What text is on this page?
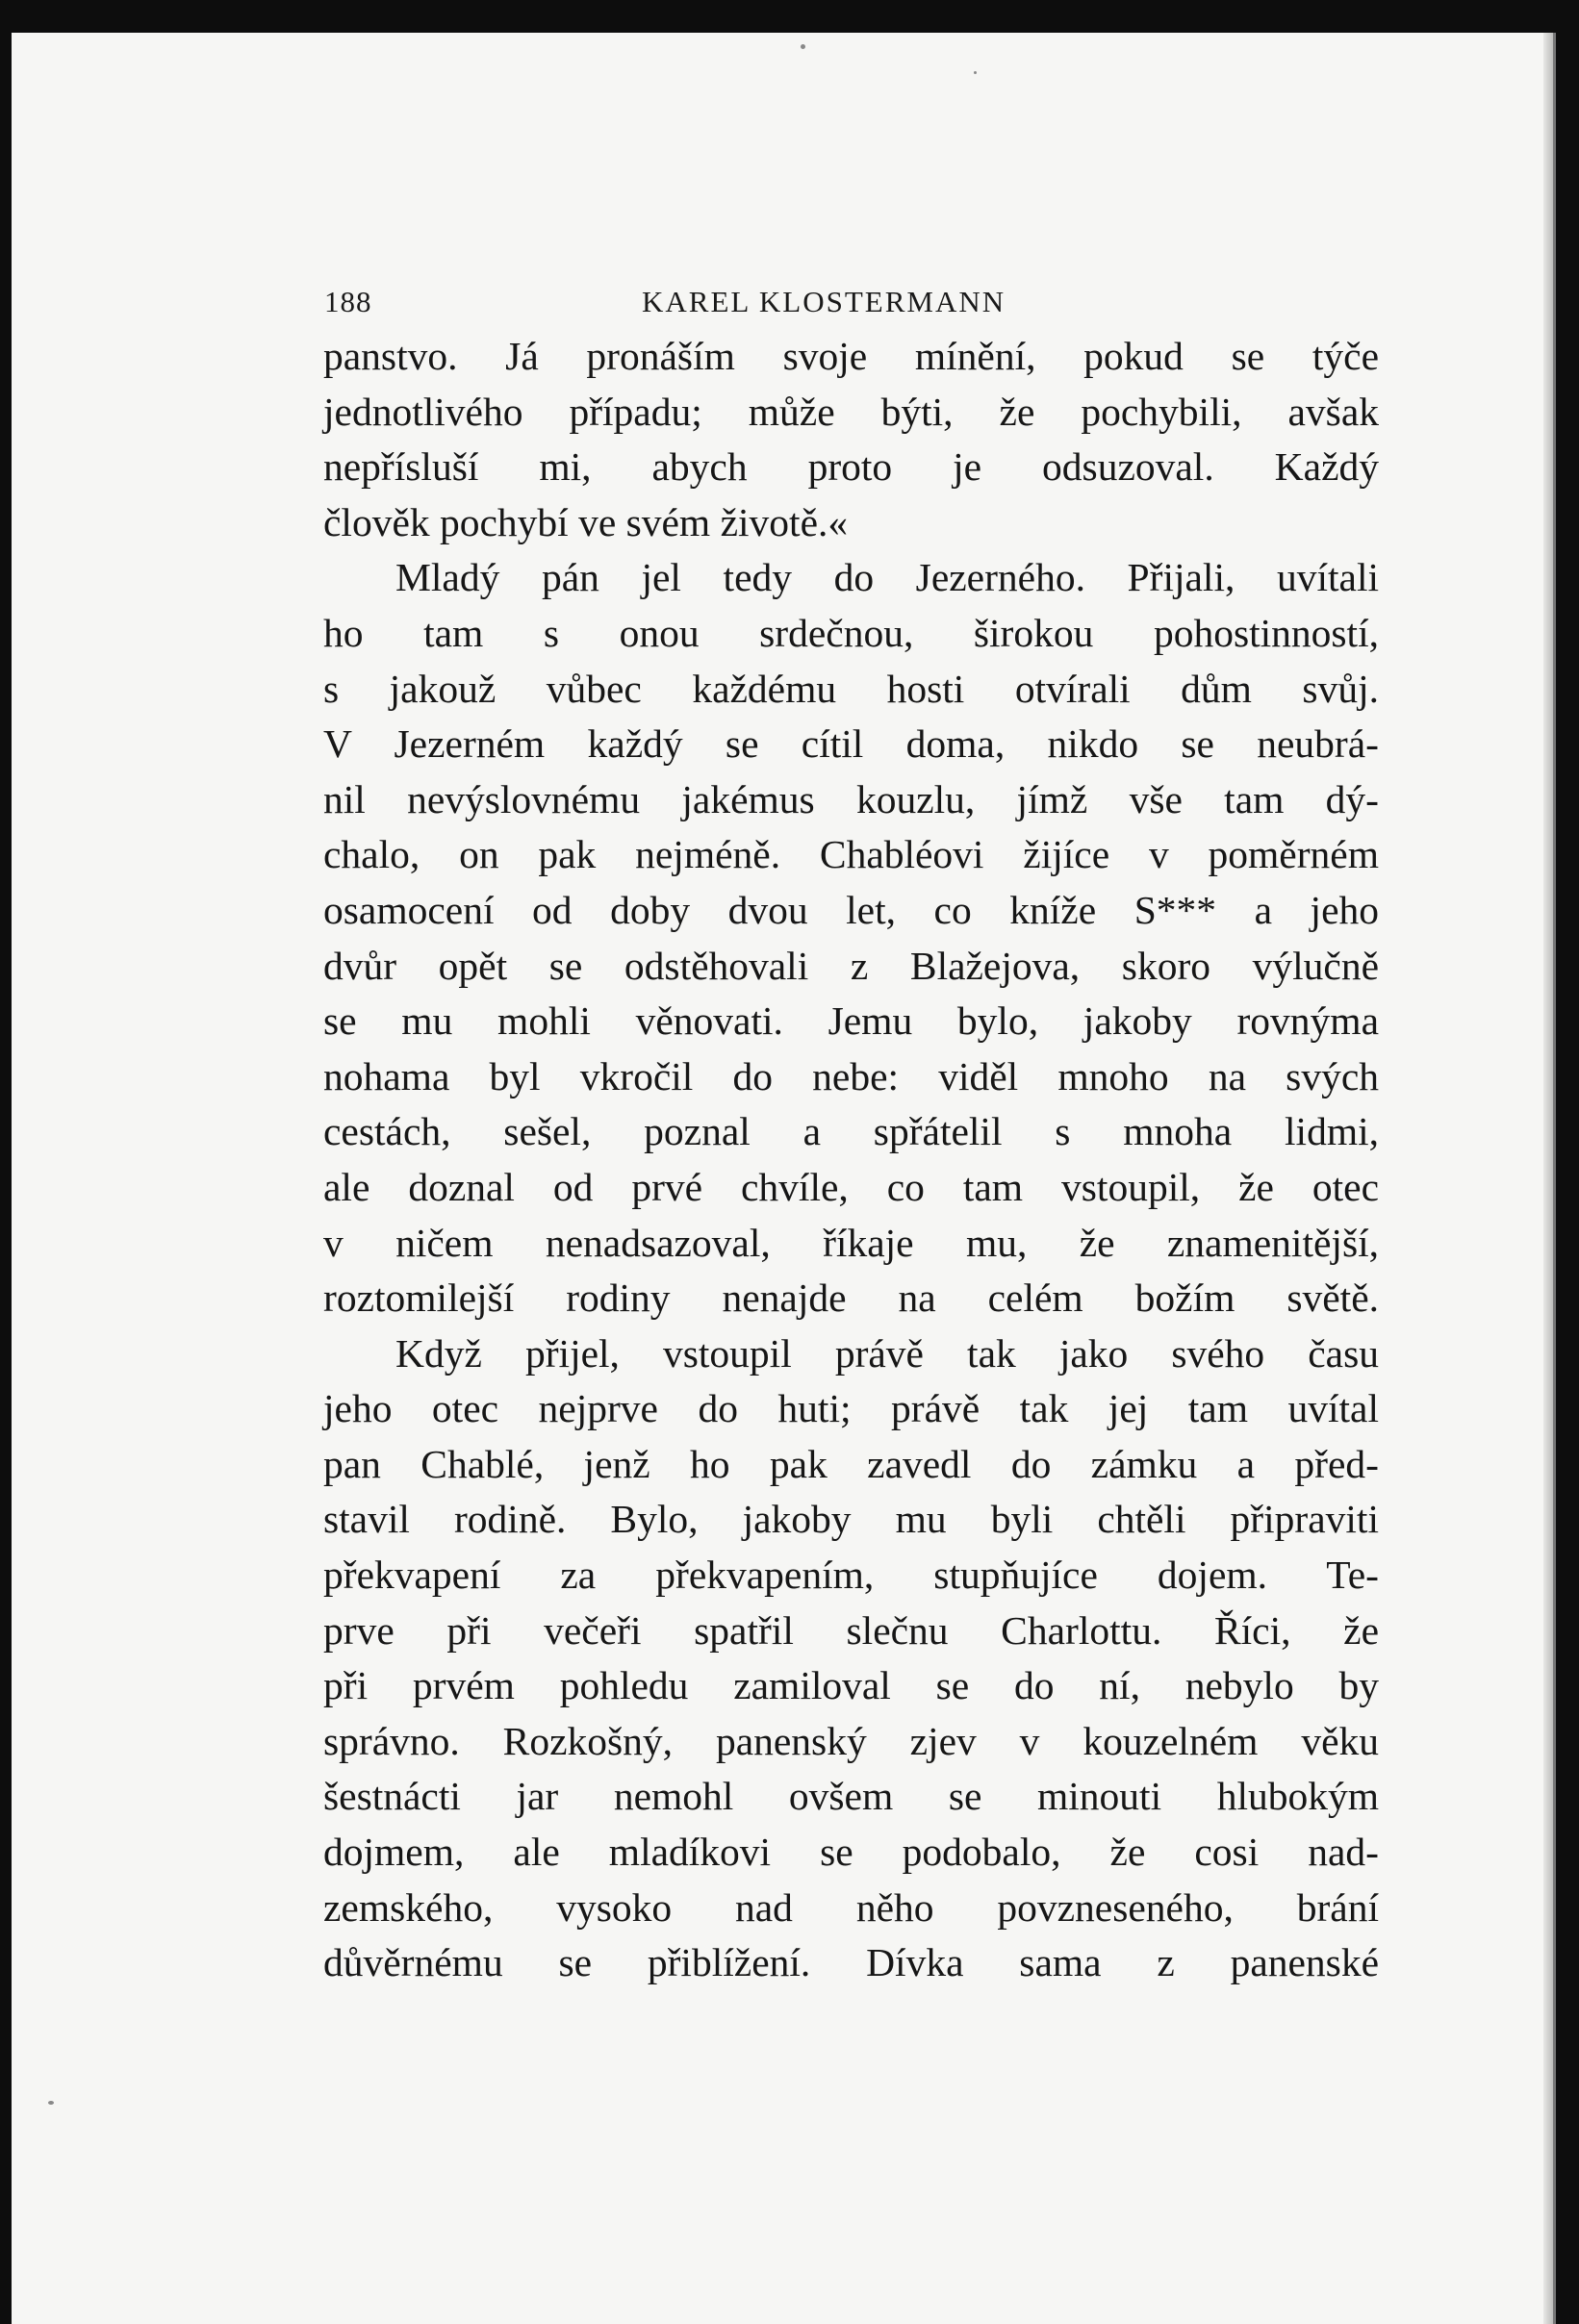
188	KAREL KLOSTERMANN
panstvo. Já pronáším svoje mínění, pokud se týče
jednotlivého případu; může býti, že pochybili, avšak
nepřísluší mi, abych proto je odsuzoval. Každý
člověk pochybí ve svém životě.«
Mladý pán jel tedy do Jezerného. Přijali, uvítali
ho tam s onou srdečnou, širokou pohostinností,
s jakouž vůbec každému hosti otvírali dům svůj.
V Jezerném každý se cítil doma, nikdo se neubrá-
nil nevýslovnému jakémus kouzlu, jímž vše tam dý-
chalo, on pak nejméně. Chabléovi žijíce v poměrném
osamocení od doby dvou let, co kníže S*** a jeho
dvůr opět se odstěhovali z Blažejova, skoro výlučně
se mu mohli věnovati. Jemu bylo, jakoby rovnýma
nohama byl vkročil do nebe: viděl mnoho na svých
cestách, sešel, poznal a spřátelil s mnoha lidmi,
ale doznal od prvé chvíle, co tam vstoupil, že otec
v ničem nenadsazoval, říkaje mu, že znamenitější,
roztomilejší rodiny nenajde na celém božím světě.
Když přijel, vstoupil právě tak jako svého času
jeho otec nejprve do huti; právě tak jej tam uvítal
pan Chablé, jenž ho pak zavedl do zámku a před-
stavil rodině. Bylo, jakoby mu byli chtěli připraviti
překvapení za překvapením, stupňujíce dojem. Te-
prve při večeři spatřil slečnu Charlottu. Říci, že
při prvém pohledu zamiloval se do ní, nebylo by
správno. Rozkošný, panenský zjev v kouzelném věku
šestnácti jar nemohl ovšem se minouti hlubokým
dojmem, ale mladíkovi se podobalo, že cosi nad-
zemského, vysoko nad něho povzneseného, brání
důvěrnému se přiblížení. Dívka sama z panenské
